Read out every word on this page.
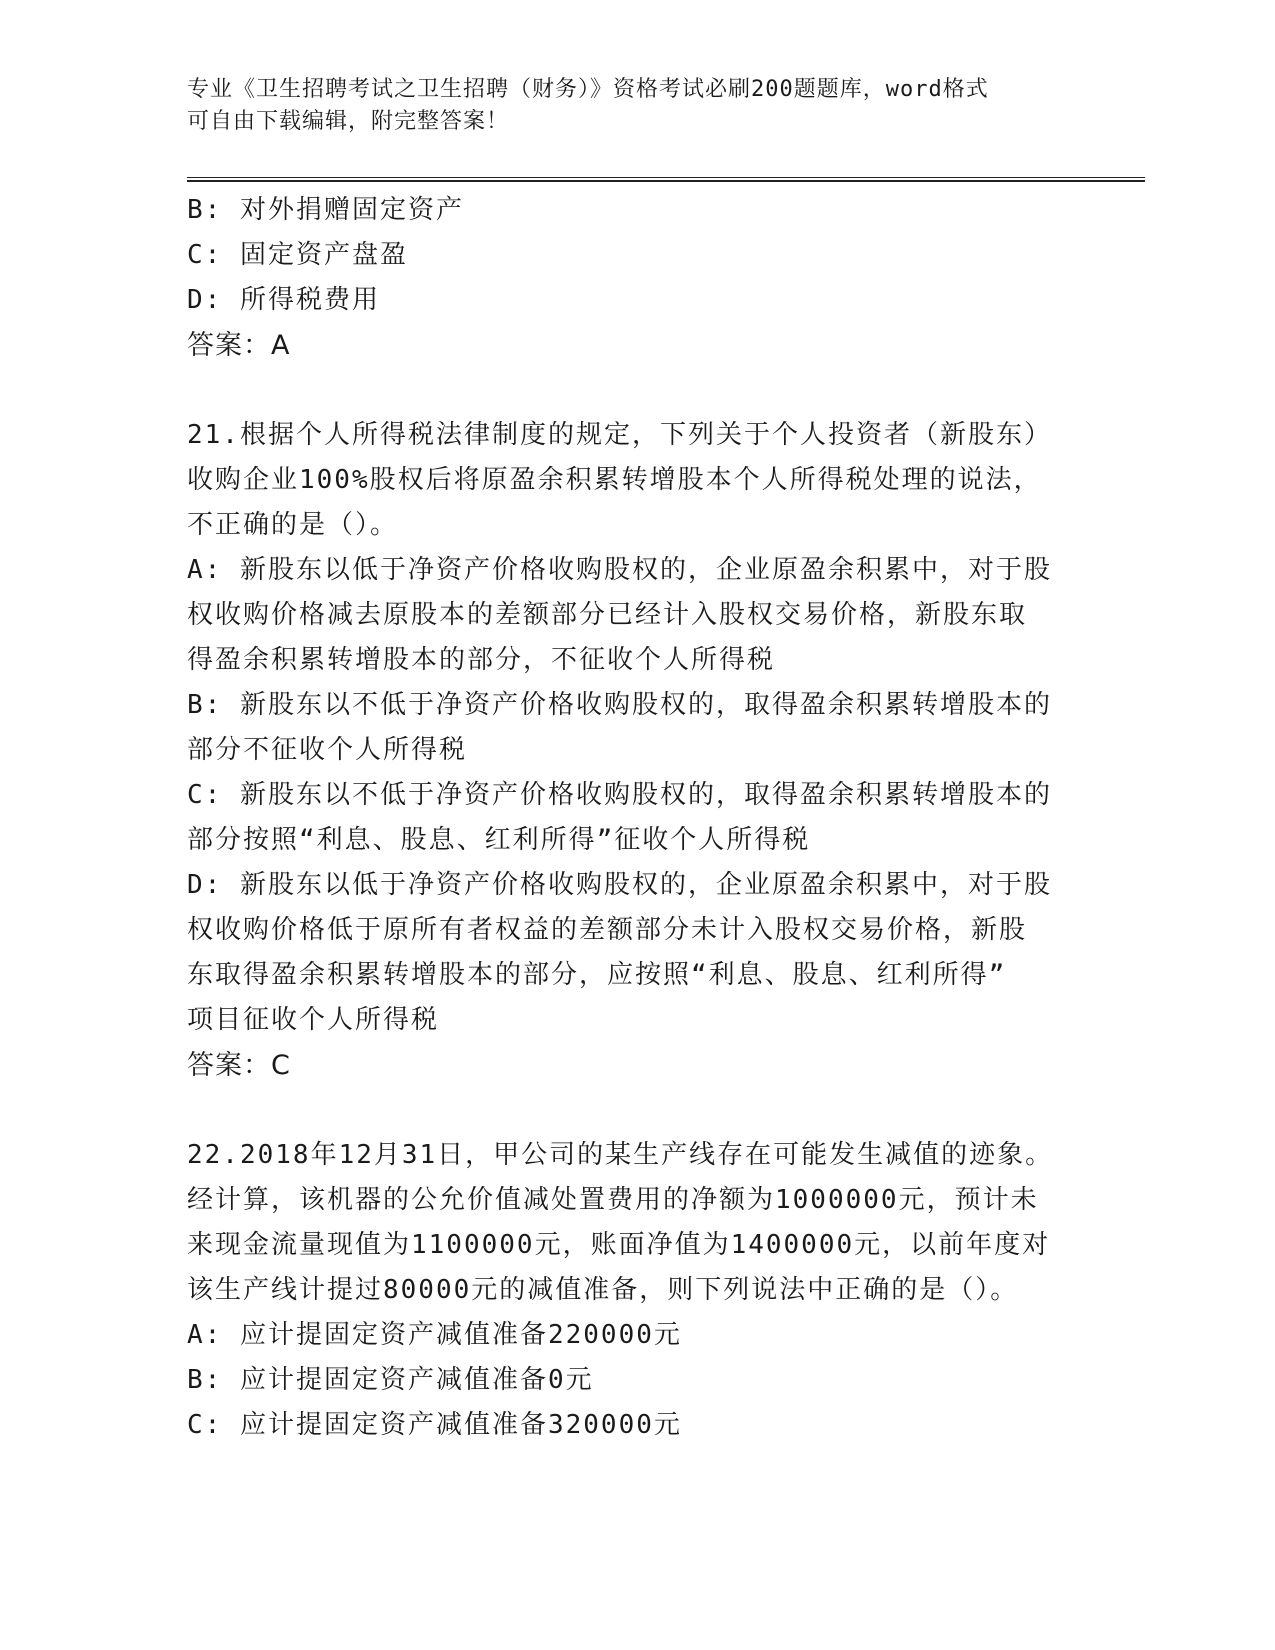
专业《卫生招聘考试之卫生招聘（财务）》资格考试必刷200题题库，word格式
可自由下载编辑，附完整答案！
B: 对外捐赠固定资产
C: 固定资产盘盈
D: 所得税费用
答案：A
21.根据个人所得税法律制度的规定，下列关于个人投资者（新股东）
收购企业100%股权后将原盈余积累转增股本个人所得税处理的说法，
不正确的是（）。
A: 新股东以低于净资产价格收购股权的，企业原盈余积累中，对于股
权收购价格减去原股本的差额部分已经计入股权交易价格，新股东取
得盈余积累转增股本的部分，不征收个人所得税
B: 新股东以不低于净资产价格收购股权的，取得盈余积累转增股本的
部分不征收个人所得税
C: 新股东以不低于净资产价格收购股权的，取得盈余积累转增股本的
部分按照“利息、股息、红利所得”征收个人所得税
D: 新股东以低于净资产价格收购股权的，企业原盈余积累中，对于股
权收购价格低于原所有者权益的差额部分未计入股权交易价格，新股
东取得盈余积累转增股本的部分，应按照“利息、股息、红利所得”
项目征收个人所得税
答案：C
22.2018年12月31日，甲公司的某生产线存在可能发生减值的迹象。
经计算，该机器的公允价值减处置费用的净额为1000000元，预计未
来现金流量现值为1100000元，账面净值为1400000元，以前年度对
该生产线计提过80000元的减值准备，则下列说法中正确的是（）。
A: 应计提固定资产减值准备220000元
B: 应计提固定资产减值准备0元
C: 应计提固定资产减值准备320000元
